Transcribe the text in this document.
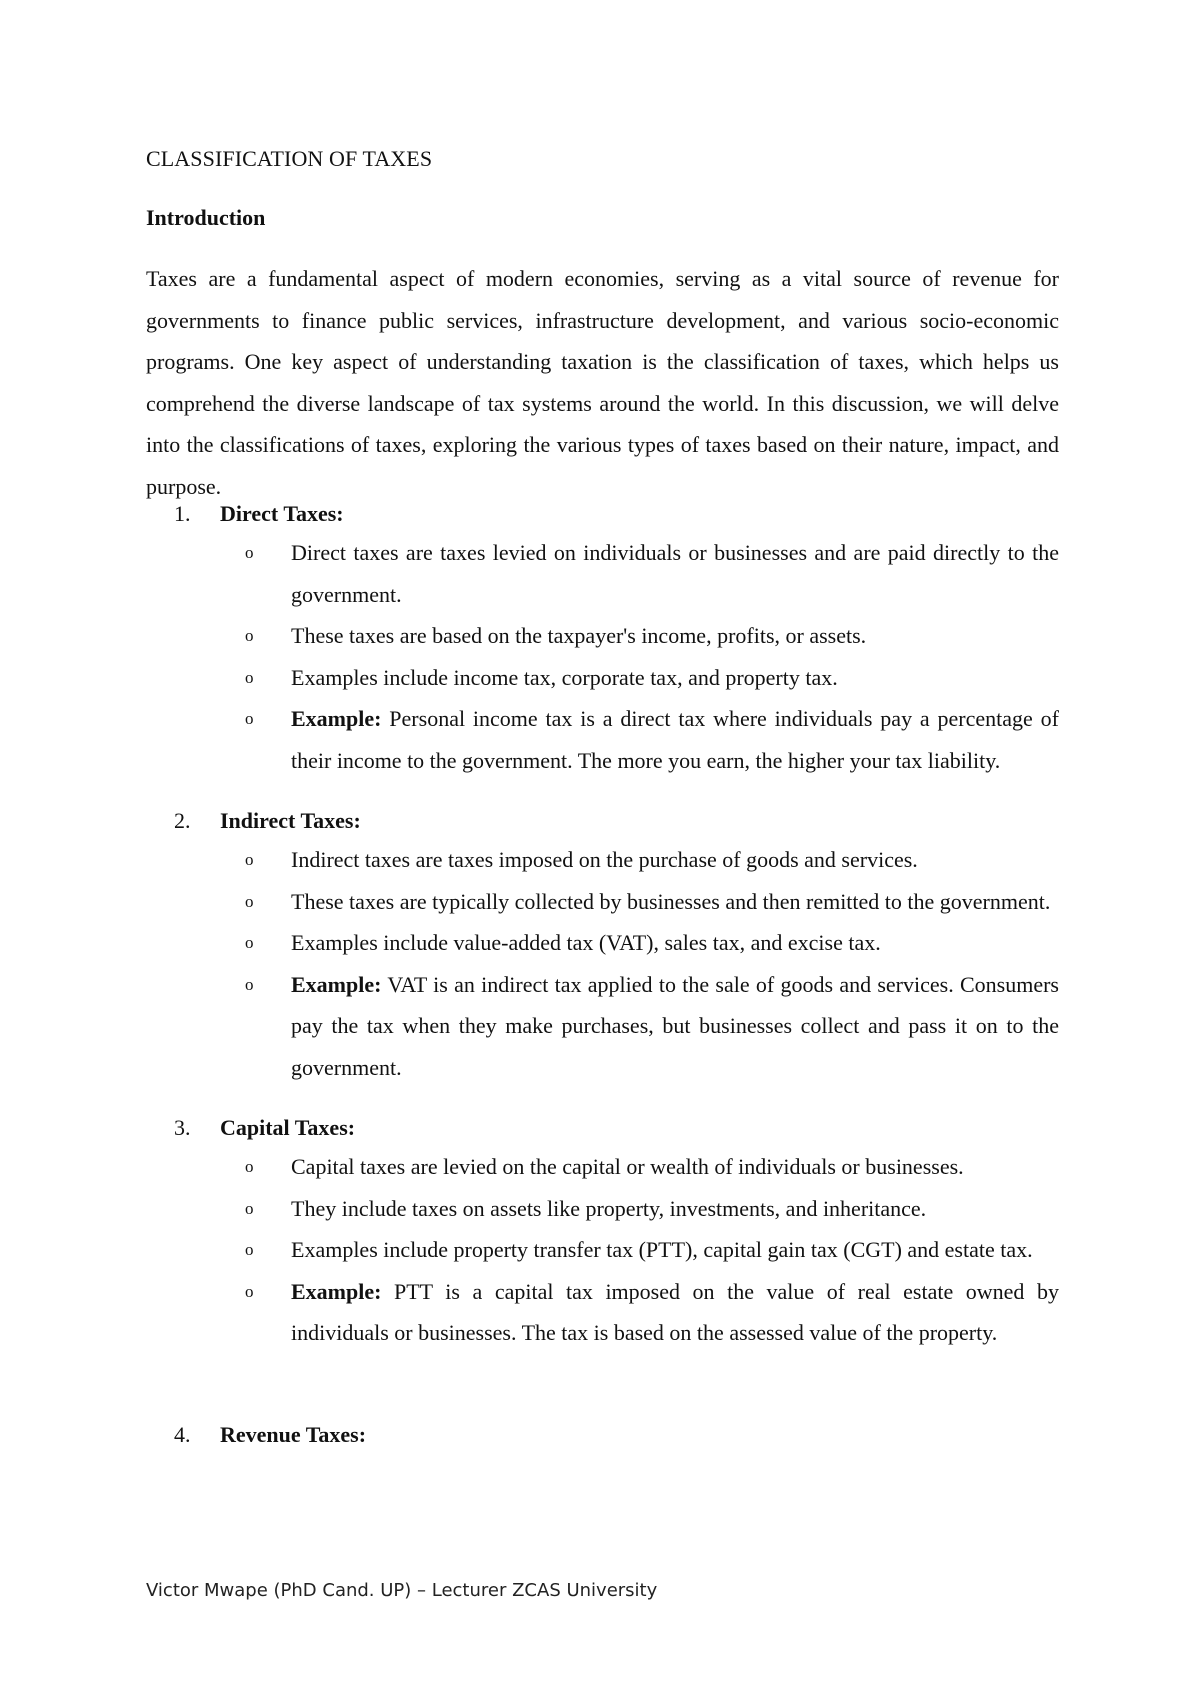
CLASSIFICATION OF TAXES
Introduction

Taxes are a fundamental aspect of modern economies, serving as a vital source of revenue for governments to finance public services, infrastructure development, and various socio-economic programs. One key aspect of understanding taxation is the classification of taxes, which helps us comprehend the diverse landscape of tax systems around the world. In this discussion, we will delve into the classifications of taxes, exploring the various types of taxes based on their nature, impact, and purpose.

1. Direct Taxes:
o Direct taxes are taxes levied on individuals or businesses and are paid directly to the government.
o These taxes are based on the taxpayer's income, profits, or assets.
o Examples include income tax, corporate tax, and property tax.
o Example: Personal income tax is a direct tax where individuals pay a percentage of their income to the government. The more you earn, the higher your tax liability.
2. Indirect Taxes:
o Indirect taxes are taxes imposed on the purchase of goods and services.
o These taxes are typically collected by businesses and then remitted to the government.
o Examples include value-added tax (VAT), sales tax, and excise tax.
o Example: VAT is an indirect tax applied to the sale of goods and services. Consumers pay the tax when they make purchases, but businesses collect and pass it on to the government.
3. Capital Taxes:
o Capital taxes are levied on the capital or wealth of individuals or businesses.
o They include taxes on assets like property, investments, and inheritance.
o Examples include property transfer tax (PTT), capital gain tax (CGT) and estate tax.
o Example: PTT is a capital tax imposed on the value of real estate owned by individuals or businesses. The tax is based on the assessed value of the property.
4. Revenue Taxes:
Victor Mwape (PhD Cand. UP) – Lecturer ZCAS University
